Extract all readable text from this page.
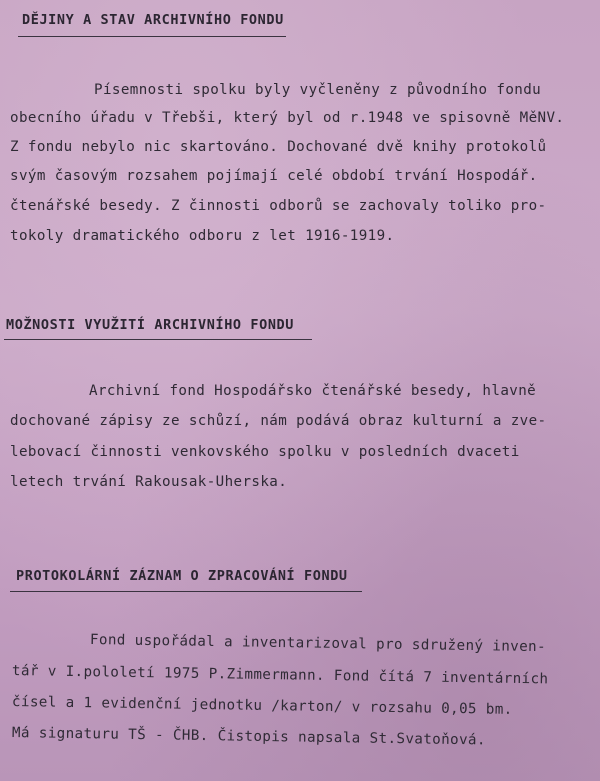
DĚJINY A STAV ARCHIVNÍHO FONDU
Písemnosti spolku byly vyčleněny z původního fondu
obecního úřadu v Třebši, který byl od r.1948 ve spisovně MěNV.
Z fondu nebylo nic skartováno. Dochované dvě knihy protokolů
svým časovým rozsahem pojímají celé období trvání Hospodář.
čtenářské besedy. Z činnosti odborů se zachovaly toliko pro-
tokoly dramatického odboru z let 1916-1919.
MOŽNOSTI VYUŽITÍ ARCHIVNÍHO FONDU
Archivní fond Hospodářsko čtenářské besedy, hlavně
dochované zápisy ze schůzí, nám podává obraz kulturní a zve-
lebovací činnosti venkovského spolku v posledních dvaceti
letech trvání Rakousak-Uherska.
PROTOKOLÁRNÍ ZÁZNAM O ZPRACOVÁNÍ FONDU
Fond uspořádal a inventarizoval pro sdružený inven-
tář v I.pololetí 1975 P.Zimmermann. Fond čítá 7 inventárních
čísel a 1 evidenční jednotku /karton/ v rozsahu 0,05 bm.
Má signaturu TŠ - ČHB. Čistopis napsala St.Svatoňová.
